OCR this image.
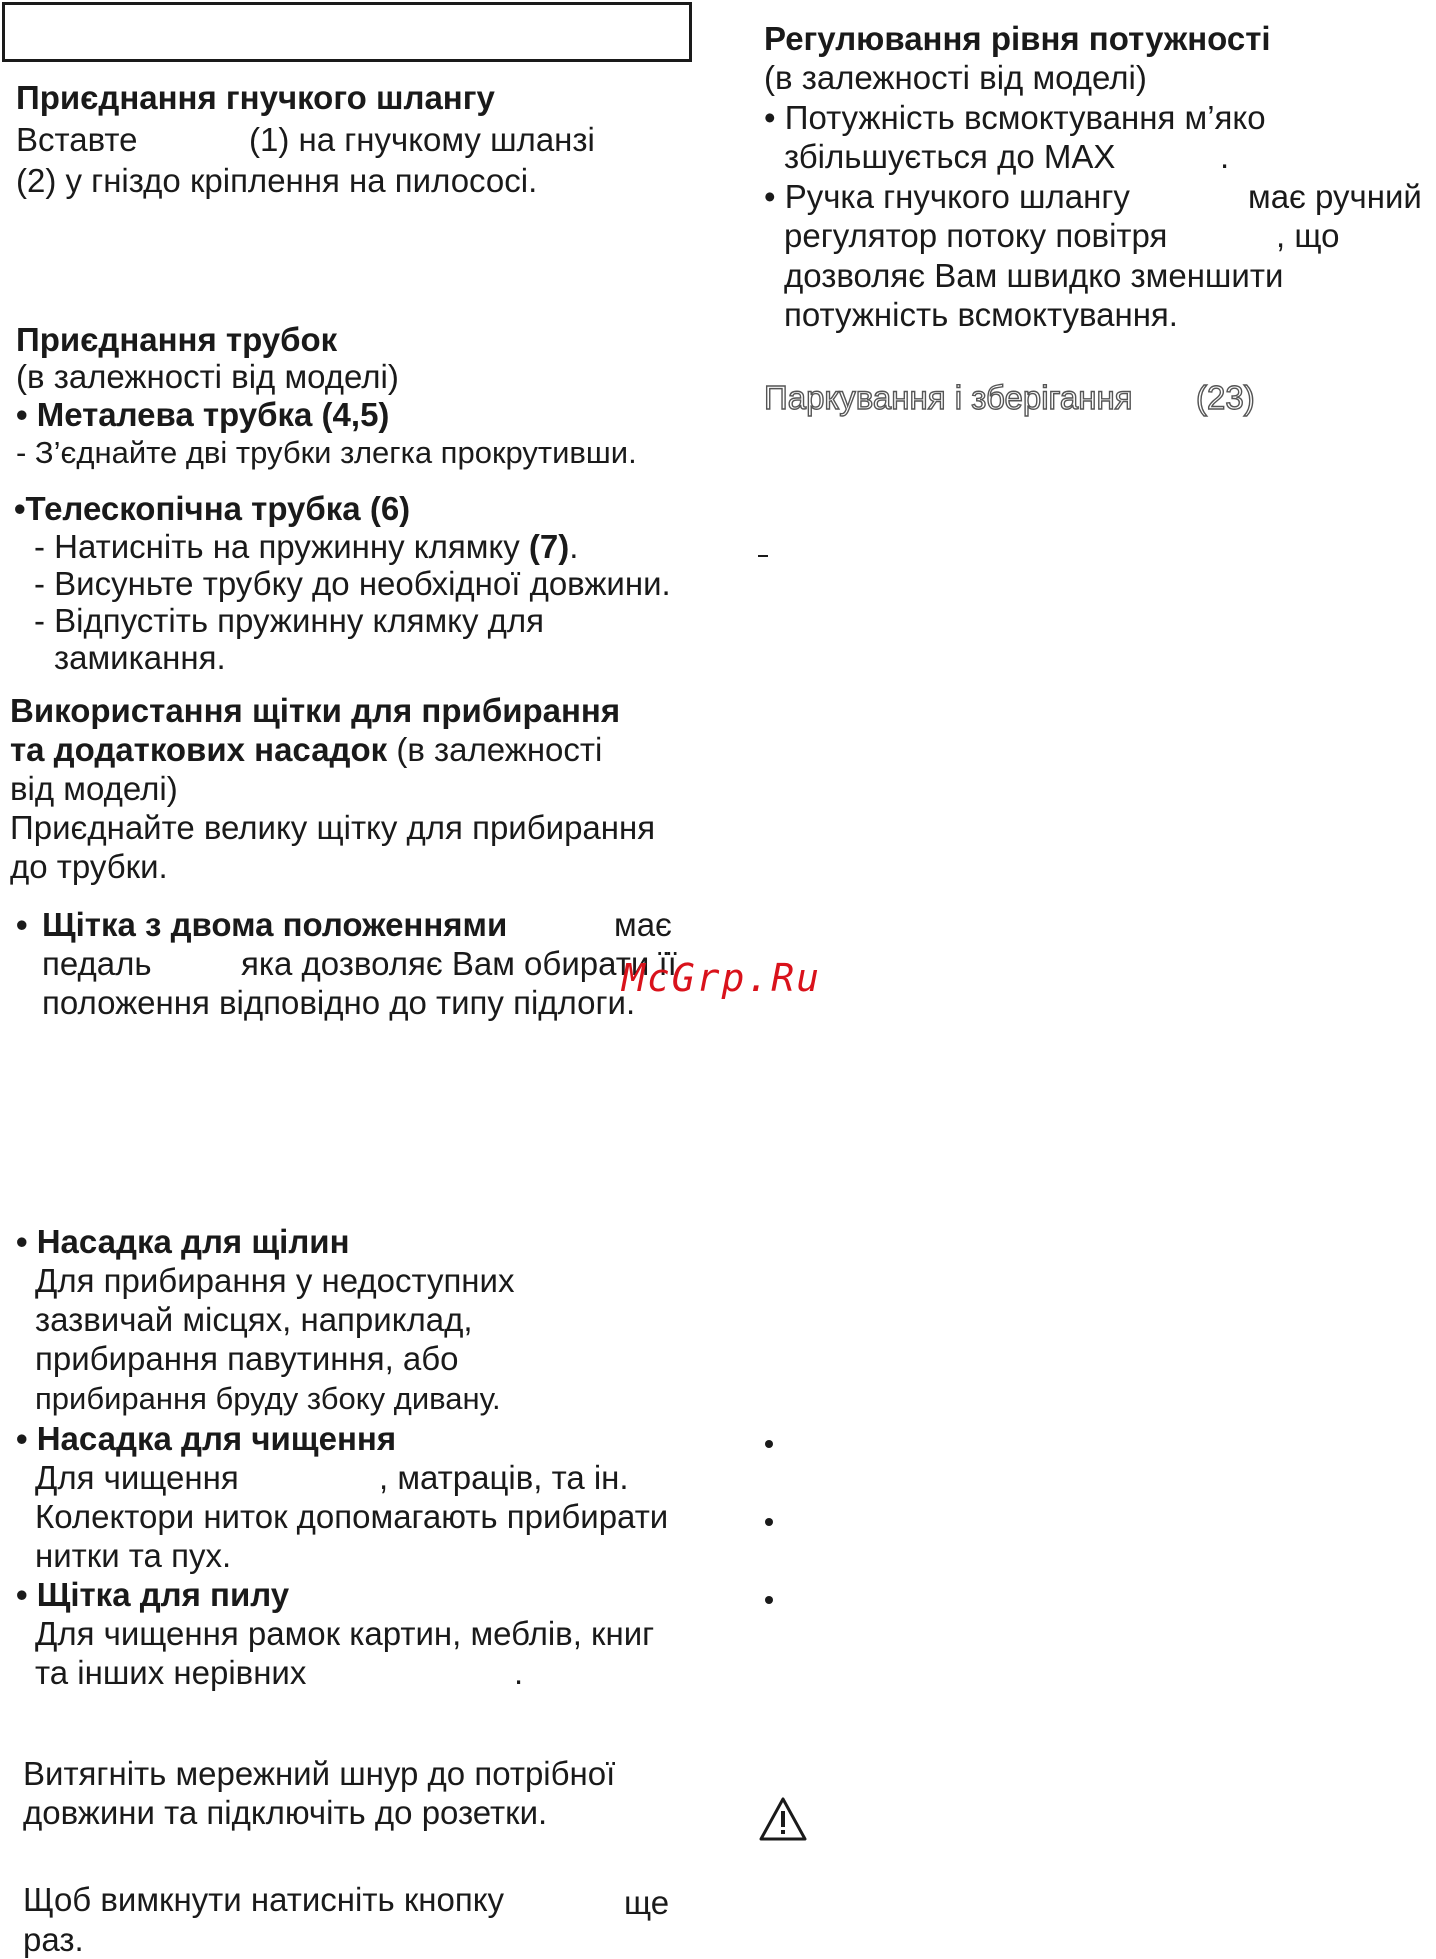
Приєднання гнучкого шлангу
Вставте	(1) на гнучкому шланзі
(2) у гніздо кріплення на пилососі.
Приєднання трубок
(в залежності від моделі)
• Металева трубка (4,5)
- З’єднайте дві трубки злегка прокрутивши.
•Телескопічна трубка (6)
- Натисніть на пружинну клямку (7).
- Висуньте трубку до необхідної довжини.
- Відпустіть пружинну клямку для
замикання.
Використання щітки для прибирання
та додаткових насадок (в залежності
від моделі)
Приєднайте велику щітку для прибирання
до трубки.
• Щітка з двома положеннями	має
педаль	яка дозволяє Вам обирати її
положення відповідно до типу підлоги.
McGrp.Ru
• Насадка для щілин
Для прибирання у недоступних
зазвичай місцях, наприклад,
прибирання павутиння, або
прибирання бруду збоку дивану.
• Насадка для чищення
Для чищення	, матраців, та ін.
Колектори ниток допомагають прибирати
нитки та пух.
• Щітка для пилу
Для чищення рамок картин, меблів, книг
та інших нерівних	.
Витягніть мережний шнур до потрібної
довжини та підключіть до розетки.
Щоб вимкнути натисніть кнопку	ще
раз.
Регулювання рівня потужності
(в залежності від моделі)
• Потужність всмоктування м’яко
збільшується до MAX	.
• Ручка гнучкого шлангу	має ручний
регулятор потоку повітря	, що
дозволяє Вам швидко зменшити
потужність всмоктування.
Паркування і зберігання (23)
